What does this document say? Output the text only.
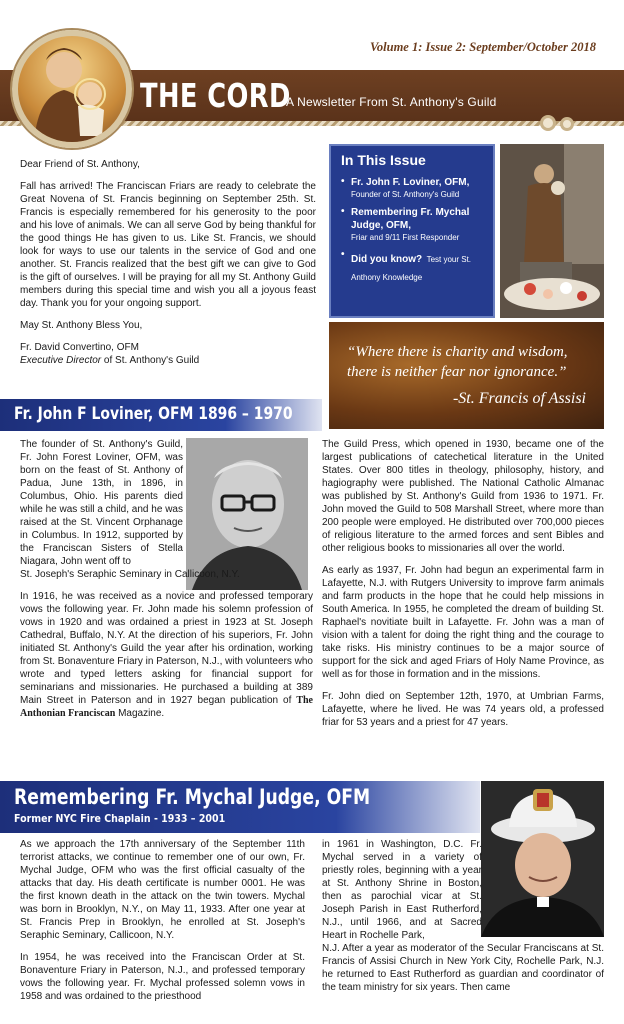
Volume 1: Issue 2: September/October 2018
THE CORD
A Newsletter From St. Anthony's Guild

Dear Friend of St. Anthony,

Fall has arrived! The Franciscan Friars are ready to celebrate the Great Novena of St. Francis beginning on September 25th. St. Francis is especially remembered for his generosity to the poor and his love of animals. We can all serve God by being thankful for the good things He has given to us. Like St. Francis, we should look for ways to use our talents in the service of God and one another. St. Francis realized that the best gift we can give to God is the gift of ourselves. I will be praying for all my St. Anthony Guild members during this special time and wish you all a joyous feast day. Thank you for your ongoing support.

May St. Anthony Bless You,

Fr. David Convertino, OFM

Executive Director of St. Anthony's Guild

In This Issue
• Fr. John F. Loviner, OFM,
Founder of St. Anthony's Guild
• Remembering Fr. Mychal Judge, OFM,
Friar and 9/11 First Responder
• Did you know? Test your St. Anthony Knowledge
“Where there is charity and wisdom, there is neither fear nor ignorance.”
-St. Francis of Assisi
Fr. John F Loviner, OFM 1896 – 1970

The founder of St. Anthony's Guild, Fr. John Forest Loviner, OFM, was born on the feast of St. Anthony of Padua, June 13th, in 1896, in Columbus, Ohio. His parents died while he was still a child, and he was raised at the St. Vincent Orphanage in Columbus. In 1912, supported by the Franciscan Sisters of Stella Niagara, John went off to

St. Joseph's Seraphic Seminary in Callicoon, N.Y.

In 1916, he was received as a novice and professed temporary vows the following year. Fr. John made his solemn profession of vows in 1920 and was ordained a priest in 1923 at St. Joseph Cathedral, Buffalo, N.Y. At the direction of his superiors, Fr. John initiated St. Anthony's Guild the year after his ordination, working from St. Bonaventure Friary in Paterson, N.J., with volunteers who wrote and typed letters asking for financial support for seminarians and missionaries. He purchased a building at 389 Main Street in Paterson and in 1927 began publication of The Anthonian Franciscan Magazine.

The Guild Press, which opened in 1930, became one of the largest publications of catechetical literature in the United States. Over 800 titles in theology, philosophy, history, and hagiography were published. The National Catholic Almanac was published by St. Anthony's Guild from 1936 to 1971. Fr. John moved the Guild to 508 Marshall Street, where more than 200 people were employed. He distributed over 700,000 pieces of religious literature to the armed forces and sent Bibles and other religious books to missionaries all over the world.

As early as 1937, Fr. John had begun an experimental farm in Lafayette, N.J. with Rutgers University to improve farm animals and farm products in the hope that he could help missions in South America. In 1955, he completed the dream of building St. Raphael's novitiate built in Lafayette. Fr. John was a man of vision with a talent for doing the right thing and the courage to take risks. His ministry continues to be a major source of support for the sick and aged Friars of Holy Name Province, as well as for those in formation and in the missions.

Fr. John died on September 12th, 1970, at Umbrian Farms, Lafayette, where he lived. He was 74 years old, a professed friar for 53 years and a priest for 47 years.

Remembering Fr. Mychal Judge, OFM
Former NYC Fire Chaplain - 1933 – 2001

As we approach the 17th anniversary of the September 11th terrorist attacks, we continue to remember one of our own, Fr. Mychal Judge, OFM who was the first official casualty of the attacks that day. His death certificate is number 0001. He was the first known death in the attack on the twin towers. Mychal was born in Brooklyn, N.Y., on May 11, 1933. After one year at St. Francis Prep in Brooklyn, he enrolled at St. Joseph's Seraphic Seminary, Callicoon, N.Y.

In 1954, he was received into the Franciscan Order at St. Bonaventure Friary in Paterson, N.J., and professed temporary vows the following year. Fr. Mychal professed solemn vows in 1958 and was ordained to the priesthood

in 1961 in Washington, D.C. Fr. Mychal served in a variety of priestly roles, beginning with a year at St. Anthony Shrine in Boston, then as parochial vicar at St. Joseph Parish in East Rutherford, N.J., until 1966, and at Sacred Heart in Rochelle Park,

N.J. After a year as moderator of the Secular Franciscans at St. Francis of Assisi Church in New York City, Rochelle Park, N.J. he returned to East Rutherford as guardian and coordinator of the team ministry for six years. Then came
